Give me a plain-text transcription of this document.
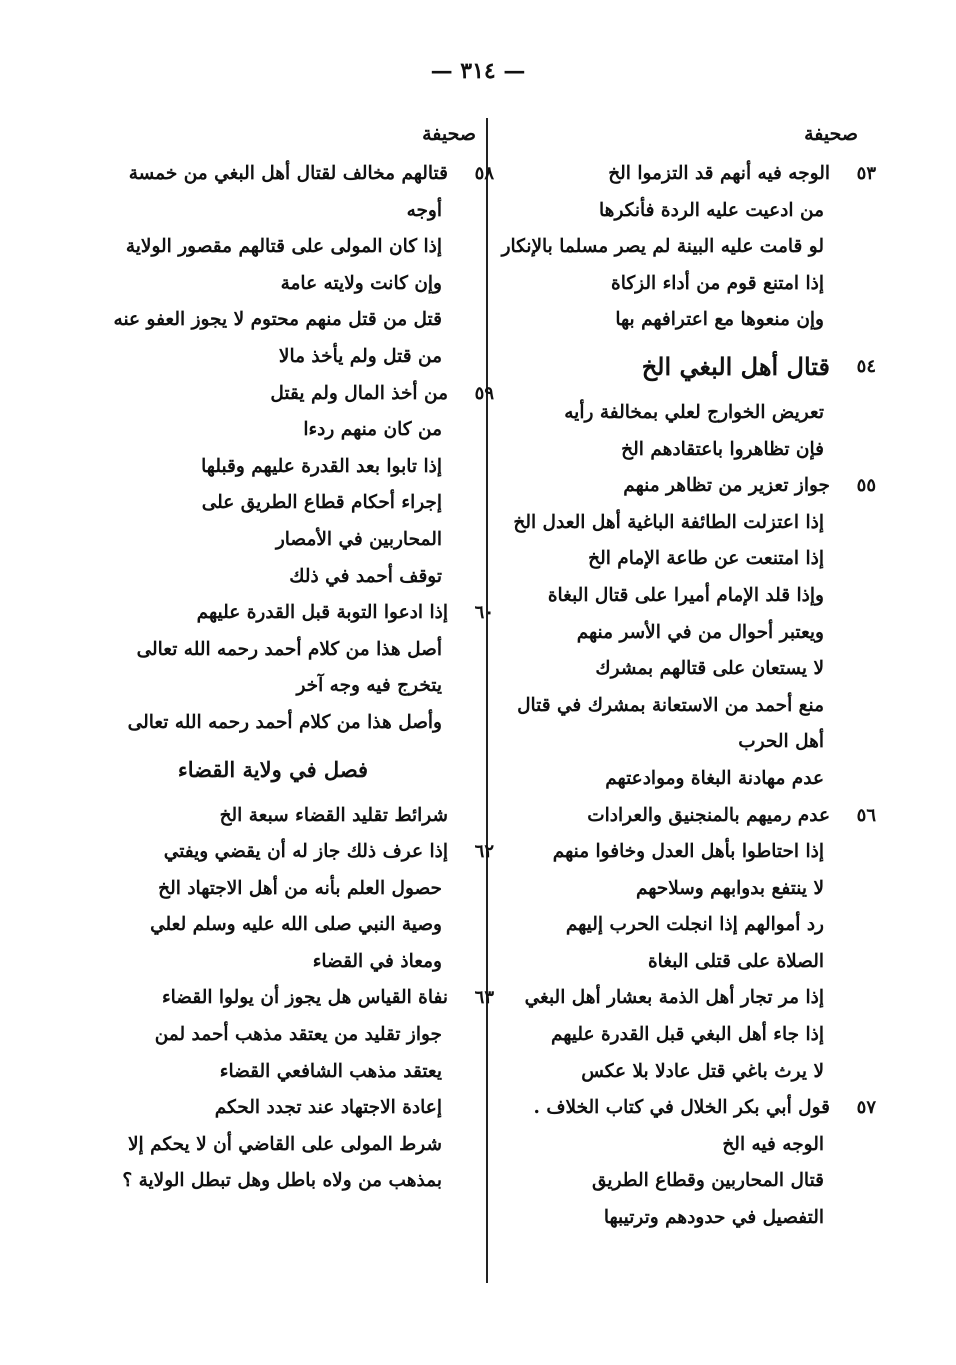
— ٣١٤ —
صحيفة
٥٣
الوجه فيه أنهم قد التزموا الخ
من ادعيت عليه الردة فأنكرها
لو قامت عليه البينة لم يصر مسلما بالإنكار
إذا امتنع قوم من أداء الزكاة
وإن منعوها مع اعترافهم بها
٥٤
قتال أهل البغي الخ
تعريض الخوارج لعلي بمخالفة رأيه
فإن تظاهروا باعتقادهم الخ
٥٥
جواز تعزير من تظاهر منهم
إذا اعتزلت الطائفة الباغية أهل العدل الخ
إذا امتنعت عن طاعة الإمام الخ
وإذا قلد الإمام أميرا على قتال البغاة
ويعتبر أحوال من في الأسر منهم
لا يستعان على قتالهم بمشرك
منع أحمد من الاستعانة بمشرك في قتال
أهل الحرب
عدم مهادنة البغاة وموادعتهم
٥٦
عدم رميهم بالمنجنيق والعرادات
إذا احتاطوا بأهل العدل وخافوا منهم
لا ينتفع بدوابهم وسلاحهم
رد أموالهم إذا انجلت الحرب إليهم
الصلاة على قتلى البغاة
إذا مر تجار أهل الذمة بعشار أهل البغي
إذا جاء أهل البغي قبل القدرة عليهم
لا يرث باغي قتل عادلا بلا عكس
٥٧
قول أبي بكر الخلال في كتاب الخلاف .
الوجه فيه الخ
قتال المحاربين وقطاع الطريق
التفصيل في حدودهم وترتيبها
صحيفة
٥٨
قتالهم مخالف لقتال أهل البغي من خمسة
أوجه
إذا كان المولى على قتالهم مقصور الولاية
وإن كانت ولايته عامة
قتل من قتل منهم محتوم لا يجوز العفو عنه
من قتل ولم يأخذ مالا
٥٩
من أخذ المال ولم يقتل
من كان منهم ردءا
إذا تابوا بعد القدرة عليهم وقبلها
إجراء أحكام قطاع الطريق على
المحاربين في الأمصار
توقف أحمد في ذلك
٦٠
إذا ادعوا التوبة قبل القدرة عليهم
أصل هذا من كلام أحمد رحمه الله تعالى
يتخرج فيه وجه آخر
وأصل هذا من كلام أحمد رحمه الله تعالى
فصل في ولاية القضاء
شرائط تقليد القضاء سبعة الخ
٦٢
إذا عرف ذلك جاز له أن يقضي ويفتي
حصول العلم بأنه من أهل الاجتهاد الخ
وصية النبي صلى الله عليه وسلم لعلي
ومعاذ في القضاء
٦٣
نفاة القياس هل يجوز أن يولوا القضاء
جواز تقليد من يعتقد مذهب أحمد لمن
يعتقد مذهب الشافعي القضاء
إعادة الاجتهاد عند تجدد الحكم
شرط المولى على القاضي أن لا يحكم إلا
بمذهب من ولاه باطل وهل تبطل الولاية ؟
